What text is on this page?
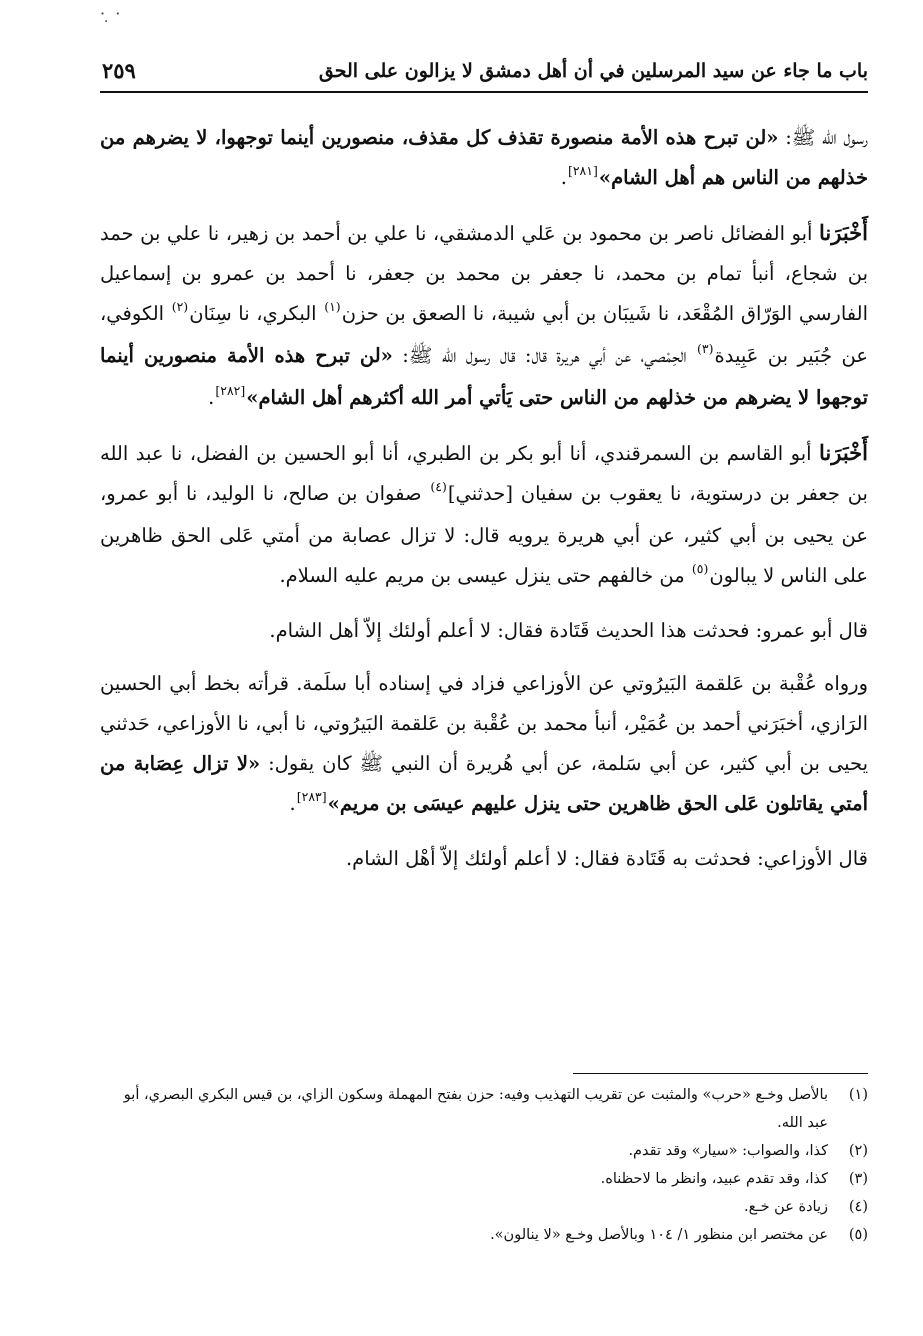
· ̣ ·
باب ما جاء عن سيد المرسلين في أن أهل دمشق لا يزالون على الحق
٢٥٩

رسول الله ﷺ: «لن تبرح هذه الأمة منصورة تقذف كل مقذف، منصورين أينما توجهوا، لا يضرهم من خذلهم من الناس هم أهل الشام»[٢٨١].

أَخْبَرَنا أبو الفضائل ناصر بن محمود بن عَلي الدمشقي، نا علي بن أحمد بن زهير، نا علي بن حمد بن شجاع، أنبأ تمام بن محمد، نا جعفر بن محمد بن جعفر، نا أحمد بن عمرو بن إسماعيل الفارسي الوَرّاق المُقْعَد، نا شَيبَان بن أبي شيبة، نا الصعق بن حزن$^{(١)}$ البكري، نا سِنَان$^{(٢)}$ الكوفي، عن جُبَير بن عَبِيدة$^{(٣)}$ الحِمْصي، عن أبي هريرة قال: قال رسول الله ﷺ: «لن تبرح هذه الأمة منصورين أينما توجهوا لا يضرهم من خذلهم من الناس حتى يَأتي أمر الله أكثرهم أهل الشام»[٢٨٢].

أَخْبَرَنا أبو القاسم بن السمرقندي، أنا أبو بكر بن الطبري، أنا أبو الحسين بن الفضل، نا عبد الله بن جعفر بن درستوية، نا يعقوب بن سفيان [حدثني]$^{(٤)}$ صفوان بن صالح، نا الوليد، نا أبو عمرو، عن يحيى بن أبي كثير، عن أبي هريرة يرويه قال: لا تزال عصابة من أمتي عَلى الحق ظاهرين على الناس لا يبالون$^{(٥)}$ من خالفهم حتى ينزل عيسى بن مريم عليه السلام.

قال أبو عمرو: فحدثت هذا الحديث قَتَادة فقال: لا أعلم أولئك إلاّ أهل الشام.

ورواه عُقْبة بن عَلقمة البَيرُوتي عن الأوزاعي فزاد في إسناده أبا سلَمة. قرأته بخط أبي الحسين الرَازي، أخبَرَني أحمد بن عُمَيْر، أنبأ محمد بن عُقْبة بن عَلقمة البَيرُوتي، نا أبي، نا الأوزاعي، حَدثني يحيى بن أبي كثير، عن أبي سَلمة، عن أبي هُريرة أن النبي ﷺ كان يقول: «لا تزال عِصَابة من أمتي يقاتلون عَلى الحق ظاهرين حتى ينزل عليهم عيسَى بن مريم»[٢٨٣].

قال الأوزاعي: فحدثت به قَتَادة فقال: لا أعلم أولئك إلاّ أهْل الشام.

(١)
بالأصل وخـع «حرب» والمثبت عن تقريب التهذيب وفيه: حزن بفتح المهملة وسكون الزاي، بن قيس البكري البصري، أبو عبد الله.
(٢)
كذا، والصواب: «سيار» وقد تقدم.
(٣)
كذا، وقد تقدم عبيد، وانظر ما لاحظناه.
(٤)
زيادة عن خـع.
(٥)
عن مختصر ابن منظور ١/ ١٠٤ وبالأصل وخـع «لا ينالون».
